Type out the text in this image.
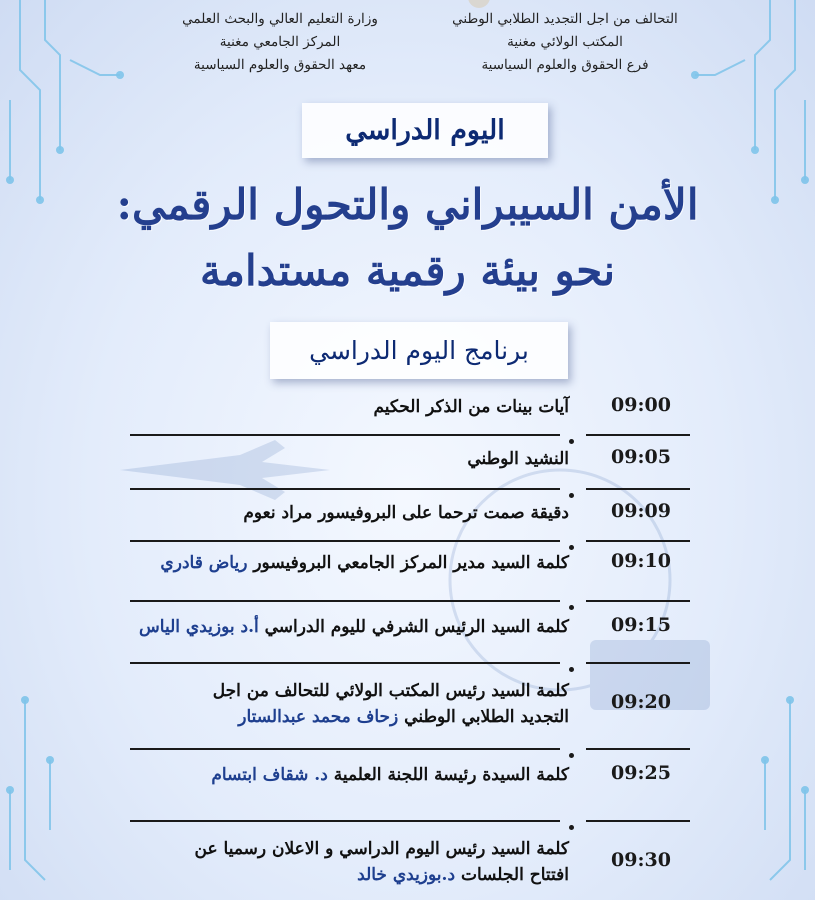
وزارة التعليم العالي والبحث العلمي
المركز الجامعي مغنية
معهد الحقوق والعلوم السياسية
التحالف من اجل التجديد الطلابي الوطني
المكتب الولائي مغنية
فرع الحقوق والعلوم السياسية
اليوم الدراسي
الأمن السيبراني والتحول الرقمي:
نحو بيئة رقمية مستدامة
برنامج اليوم الدراسي
09:00
آيات بينات من الذكر الحكيم
09:05
النشيد الوطني
09:09
دقيقة صمت ترحما على البروفيسور مراد نعوم
09:10
كلمة السيد مدير المركز الجامعي البروفيسور رياض قادري
09:15
كلمة السيد الرئيس الشرفي لليوم الدراسي أ.د بوزيدي الياس
09:20
كلمة السيد رئيس المكتب الولائي للتحالف من اجل
التجديد الطلابي الوطني زحاف محمد عبدالستار
09:25
كلمة السيدة رئيسة اللجنة العلمية د. شقاف ابتسام
09:30
كلمة السيد رئيس اليوم الدراسي و الاعلان رسميا عن
افتتاح الجلسات د.بوزيدي خالد
